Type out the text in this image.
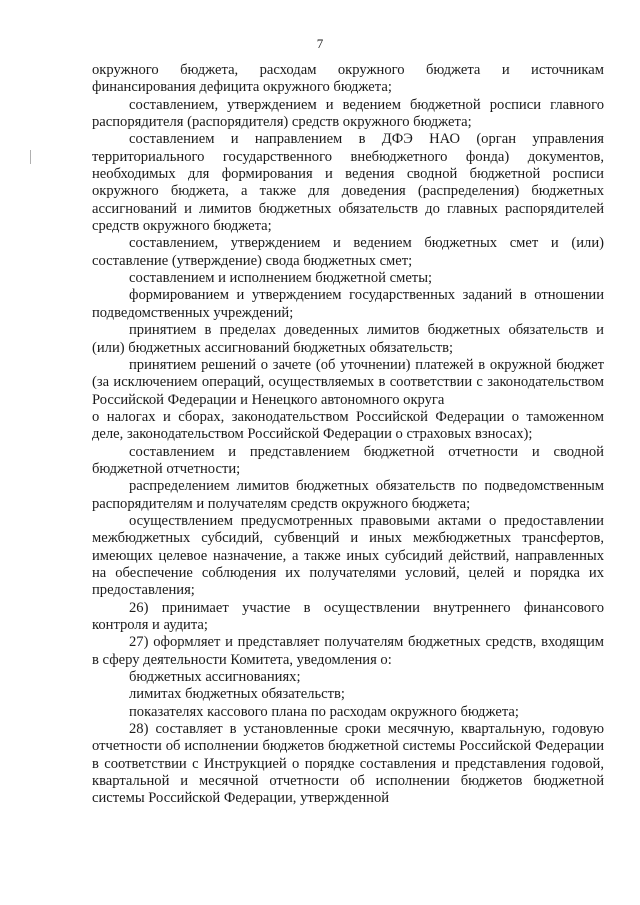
7

окружного бюджета, расходам окружного бюджета и источникам финансирования дефицита окружного бюджета;

составлением, утверждением и ведением бюджетной росписи главного распорядителя (распорядителя) средств окружного бюджета;

составлением и направлением в ДФЭ НАО (орган управления территориального государственного внебюджетного фонда) документов, необходимых для формирования и ведения сводной бюджетной росписи окружного бюджета, а также для доведения (распределения) бюджетных ассигнований и лимитов бюджетных обязательств до главных распорядителей средств окружного бюджета;

составлением, утверждением и ведением бюджетных смет и (или) составление (утверждение) свода бюджетных смет;

составлением и исполнением бюджетной сметы;

формированием и утверждением государственных заданий в отношении подведомственных учреждений;

принятием в пределах доведенных лимитов бюджетных обязательств и (или) бюджетных ассигнований бюджетных обязательств;

принятием решений о зачете (об уточнении) платежей в окружной бюджет (за исключением операций, осуществляемых в соответствии с законодательством Российской Федерации и Ненецкого автономного округа

о налогах и сборах, законодательством Российской Федерации о таможенном деле, законодательством Российской Федерации о страховых взносах);

составлением и представлением бюджетной отчетности и сводной бюджетной отчетности;

распределением лимитов бюджетных обязательств по подведомственным распорядителям и получателям средств окружного бюджета;

осуществлением предусмотренных правовыми актами о предоставлении межбюджетных субсидий, субвенций и иных межбюджетных трансфертов, имеющих целевое назначение, а также иных субсидий действий, направленных на обеспечение соблюдения их получателями условий, целей и порядка их предоставления;

26) принимает участие в осуществлении внутреннего финансового контроля и аудита;

27) оформляет и представляет получателям бюджетных средств, входящим в сферу деятельности Комитета, уведомления о:

бюджетных ассигнованиях;

лимитах бюджетных обязательств;

показателях кассового плана по расходам окружного бюджета;

28) составляет в установленные сроки месячную, квартальную, годовую отчетности об исполнении бюджетов бюджетной системы Российской Федерации в соответствии с Инструкцией о порядке составления и представления годовой, квартальной и месячной отчетности об исполнении бюджетов бюджетной системы Российской Федерации, утвержденной
